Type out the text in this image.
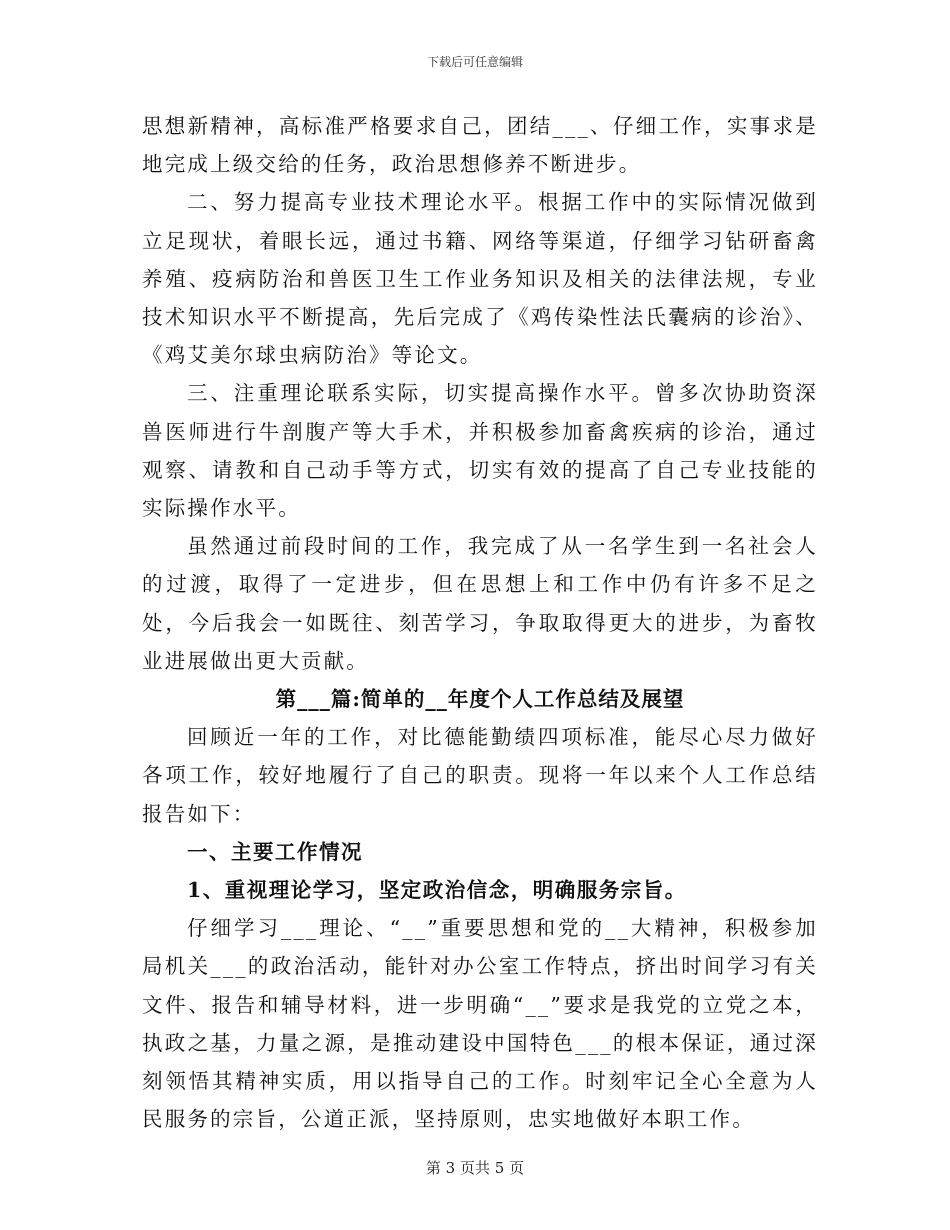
下载后可任意编辑

思想新精神，高标准严格要求自己，团结___、仔细工作，实事求是地完成上级交给的任务，政治思想修养不断进步。

二、努力提高专业技术理论水平。根据工作中的实际情况做到立足现状，着眼长远，通过书籍、网络等渠道，仔细学习钻研畜禽养殖、疫病防治和兽医卫生工作业务知识及相关的法律法规，专业技术知识水平不断提高，先后完成了《鸡传染性法氏囊病的诊治》、《鸡艾美尔球虫病防治》等论文。

三、注重理论联系实际，切实提高操作水平。曾多次协助资深兽医师进行牛剖腹产等大手术，并积极参加畜禽疾病的诊治，通过观察、请教和自己动手等方式，切实有效的提高了自己专业技能的实际操作水平。

虽然通过前段时间的工作，我完成了从一名学生到一名社会人的过渡，取得了一定进步，但在思想上和工作中仍有许多不足之处，今后我会一如既往、刻苦学习，争取取得更大的进步，为畜牧业进展做出更大贡献。

第___篇:简单的__年度个人工作总结及展望

回顾近一年的工作，对比德能勤绩四项标准，能尽心尽力做好各项工作，较好地履行了自己的职责。现将一年以来个人工作总结报告如下：

一、主要工作情况

1、重视理论学习，坚定政治信念，明确服务宗旨。

仔细学习___理论、“__”重要思想和党的__大精神，积极参加局机关___的政治活动，能针对办公室工作特点，挤出时间学习有关文件、报告和辅导材料，进一步明确“__”要求是我党的立党之本，执政之基，力量之源，是推动建设中国特色___的根本保证，通过深刻领悟其精神实质，用以指导自己的工作。时刻牢记全心全意为人民服务的宗旨，公道正派，坚持原则，忠实地做好本职工作。

第 3 页共 5 页
